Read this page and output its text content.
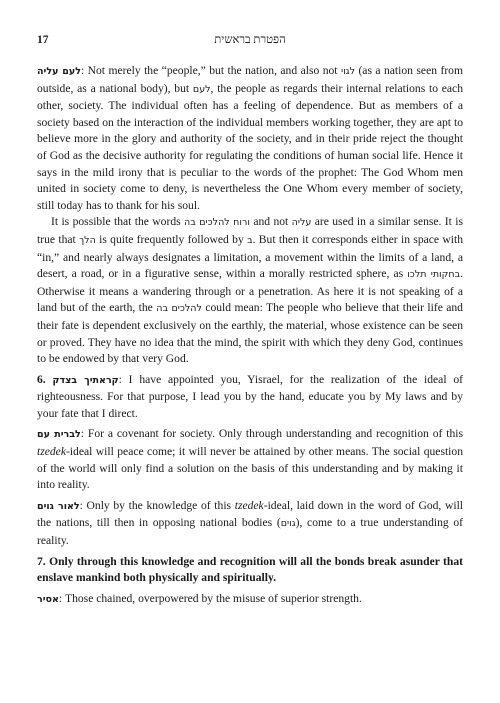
17	הפטרת בראשית

לעם עליה: Not merely the “people,” but the nation, and also not לגוי (as a nation seen from outside, as a national body), but לעם, the people as regards their internal relations to each other, society. The individual often has a feeling of dependence. But as members of a society based on the interaction of the individual members working together, they are apt to believe more in the glory and authority of the society, and in their pride reject the thought of God as the decisive authority for regulating the conditions of human social life. Hence it says in the mild irony that is peculiar to the words of the prophet: The God Whom men united in society come to deny, is nevertheless the One Whom every member of society, still today has to thank for his soul.

It is possible that the words ורוח להלכים בה and not עליה are used in a similar sense. It is true that הלך is quite frequently followed by ב. But then it corresponds either in space with “in,” and nearly always designates a limitation, a movement within the limits of a land, a desert, a road, or in a figurative sense, within a morally restricted sphere, as בחקותי תלכו. Otherwise it means a wandering through or a penetration. As here it is not speaking of a land but of the earth, the להלכים בה could mean: The people who believe that their life and their fate is dependent exclusively on the earthly, the material, whose existence can be seen or proved. They have no idea that the mind, the spirit with which they deny God, continues to be endowed by that very God.

6. קראתיך בצדק: I have appointed you, Yisrael, for the realization of the ideal of righteousness. For that purpose, I lead you by the hand, educate you by My laws and by your fate that I direct.

לברית עם: For a covenant for society. Only through understanding and recognition of this tzedek-ideal will peace come; it will never be attained by other means. The social question of the world will only find a solution on the basis of this understanding and by making it into reality.

לאור גוים: Only by the knowledge of this tzedek-ideal, laid down in the word of God, will the nations, till then in opposing national bodies (גוים), come to a true understanding of reality.

7. Only through this knowledge and recognition will all the bonds break asunder that enslave mankind both physically and spiritually.

אסיר: Those chained, overpowered by the misuse of superior strength.
